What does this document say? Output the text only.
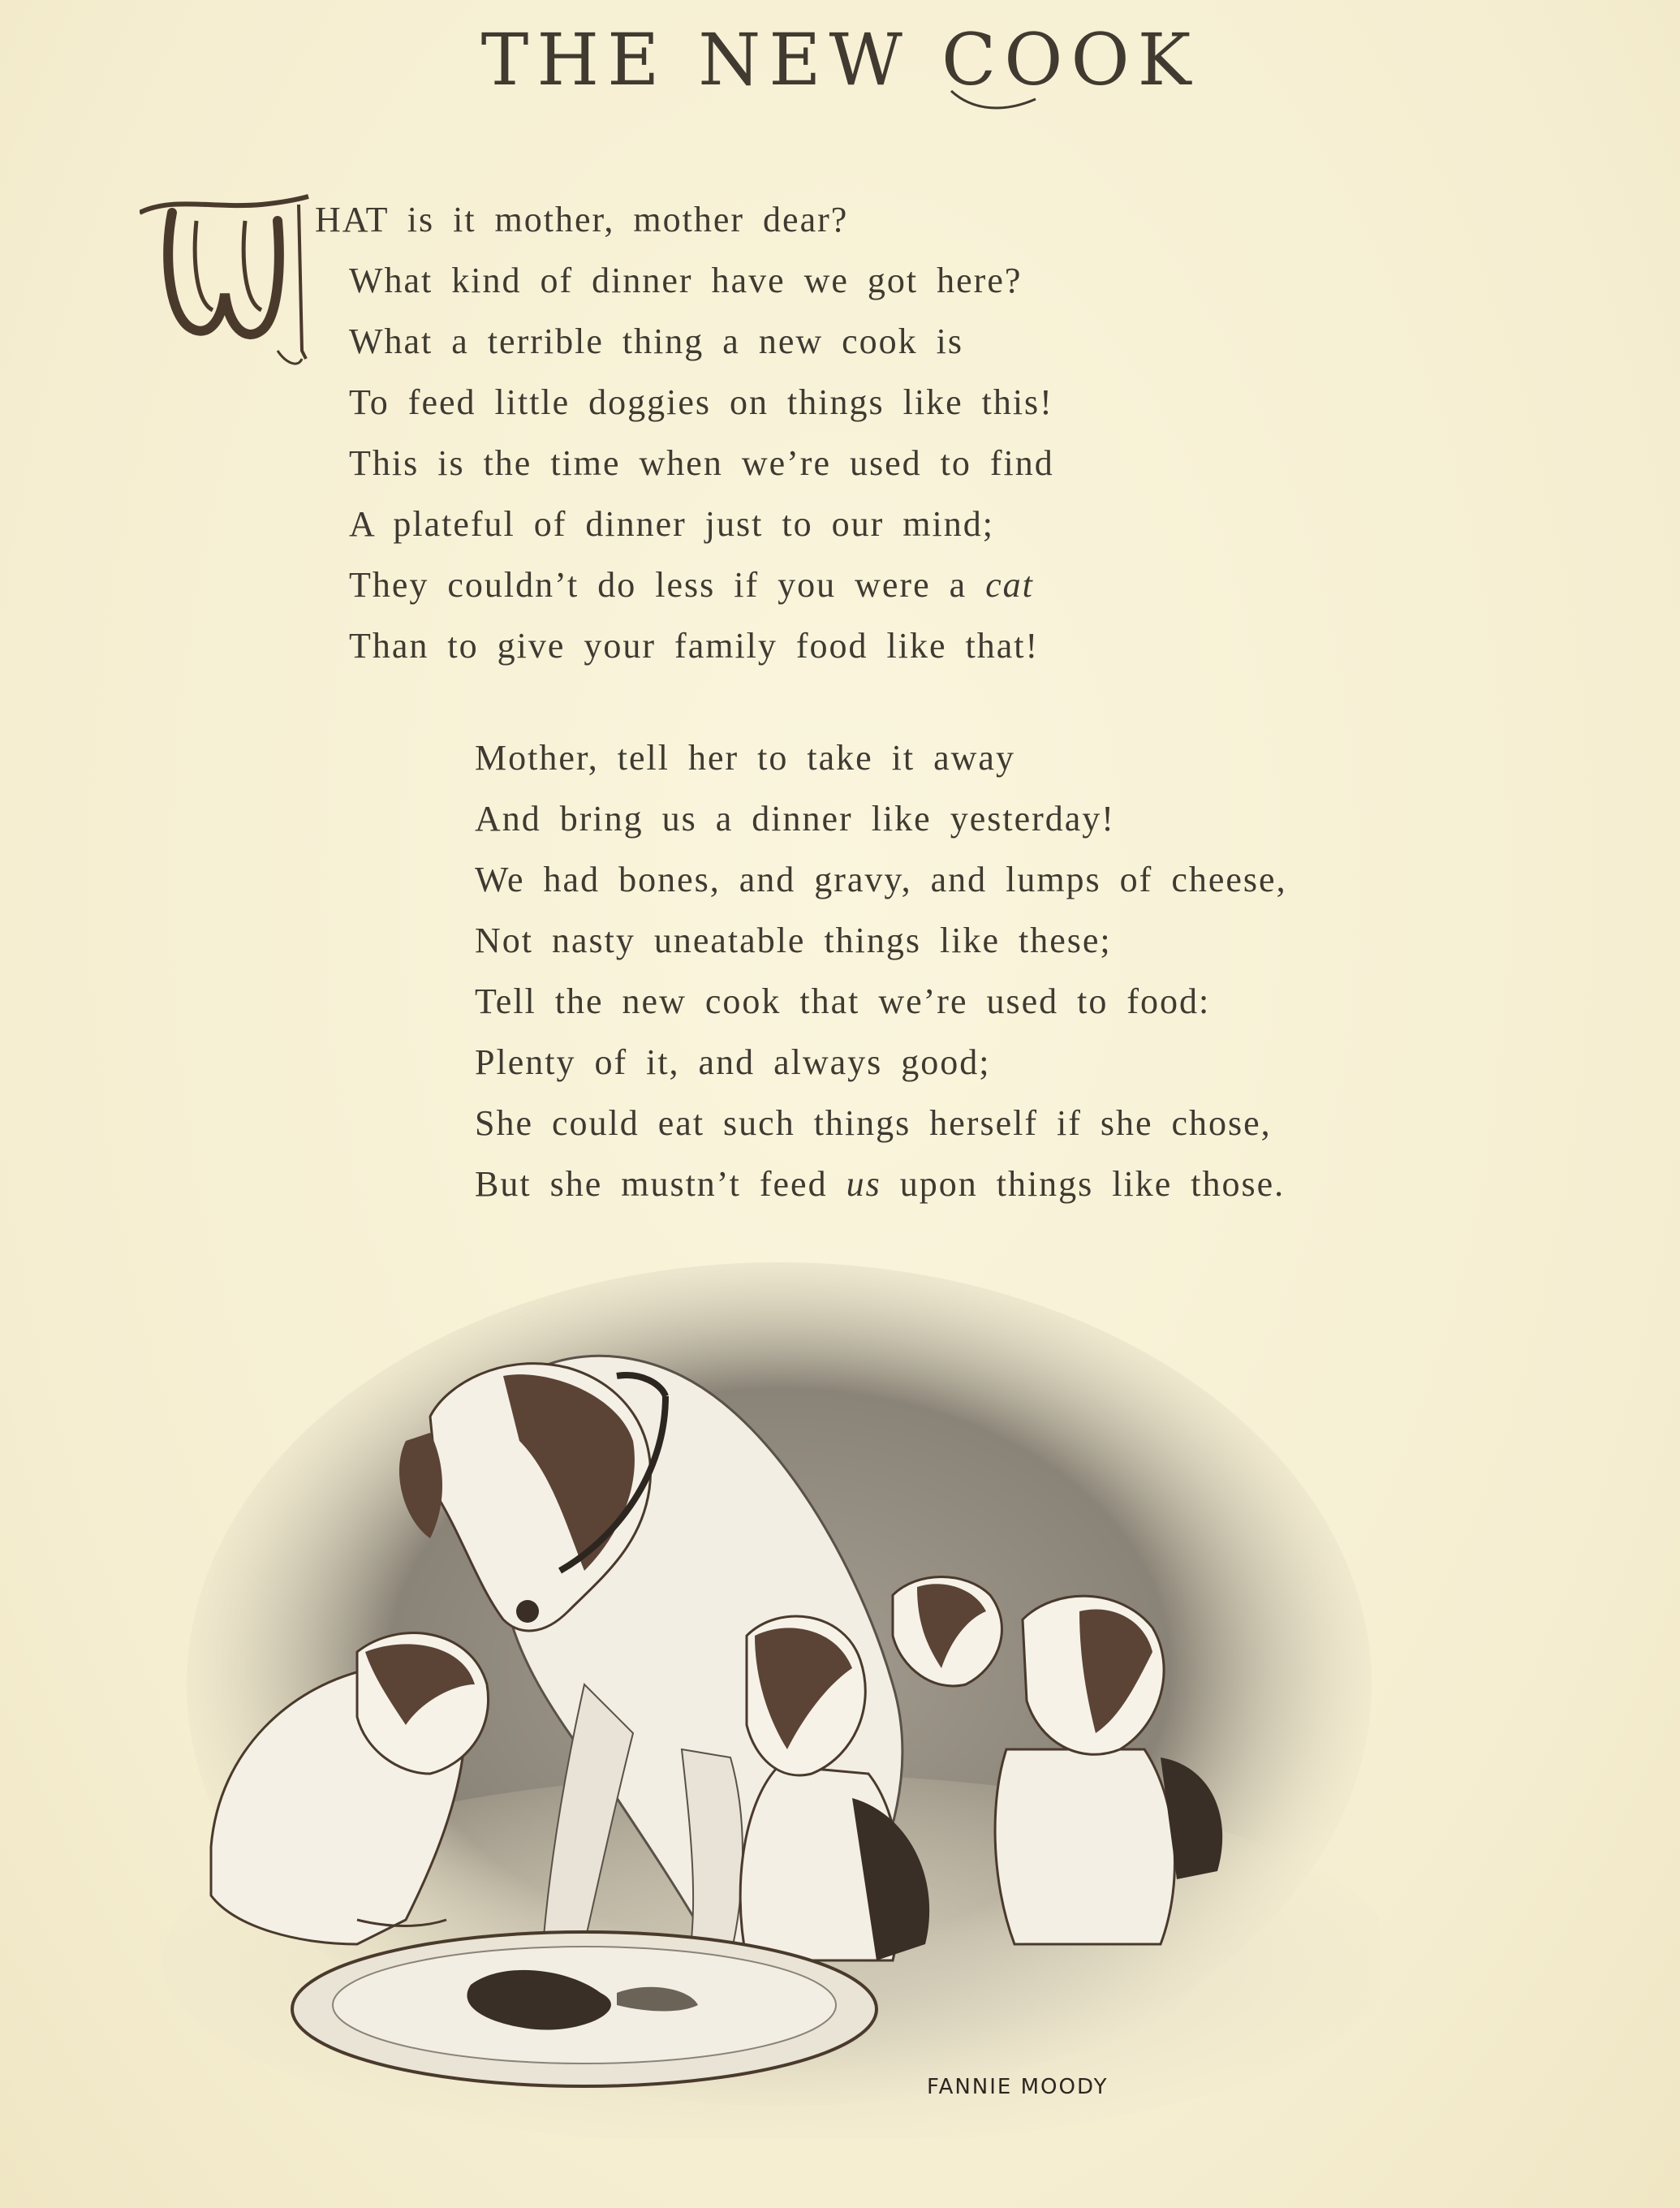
THE NEW COOK
HAT is it mother, mother dear?
What kind of dinner have we got here?
What a terrible thing a new cook is
To feed little doggies on things like this!
This is the time when we’re used to find
A plateful of dinner just to our mind;
They couldn’t do less if you were a cat
Than to give your family food like that!
Mother, tell her to take it away
And bring us a dinner like yesterday!
We had bones, and gravy, and lumps of cheese,
Not nasty uneatable things like these;
Tell the new cook that we’re used to food:
Plenty of it, and always good;
She could eat such things herself if she chose,
But she mustn’t feed us upon things like those.
FANNIE MOODY
